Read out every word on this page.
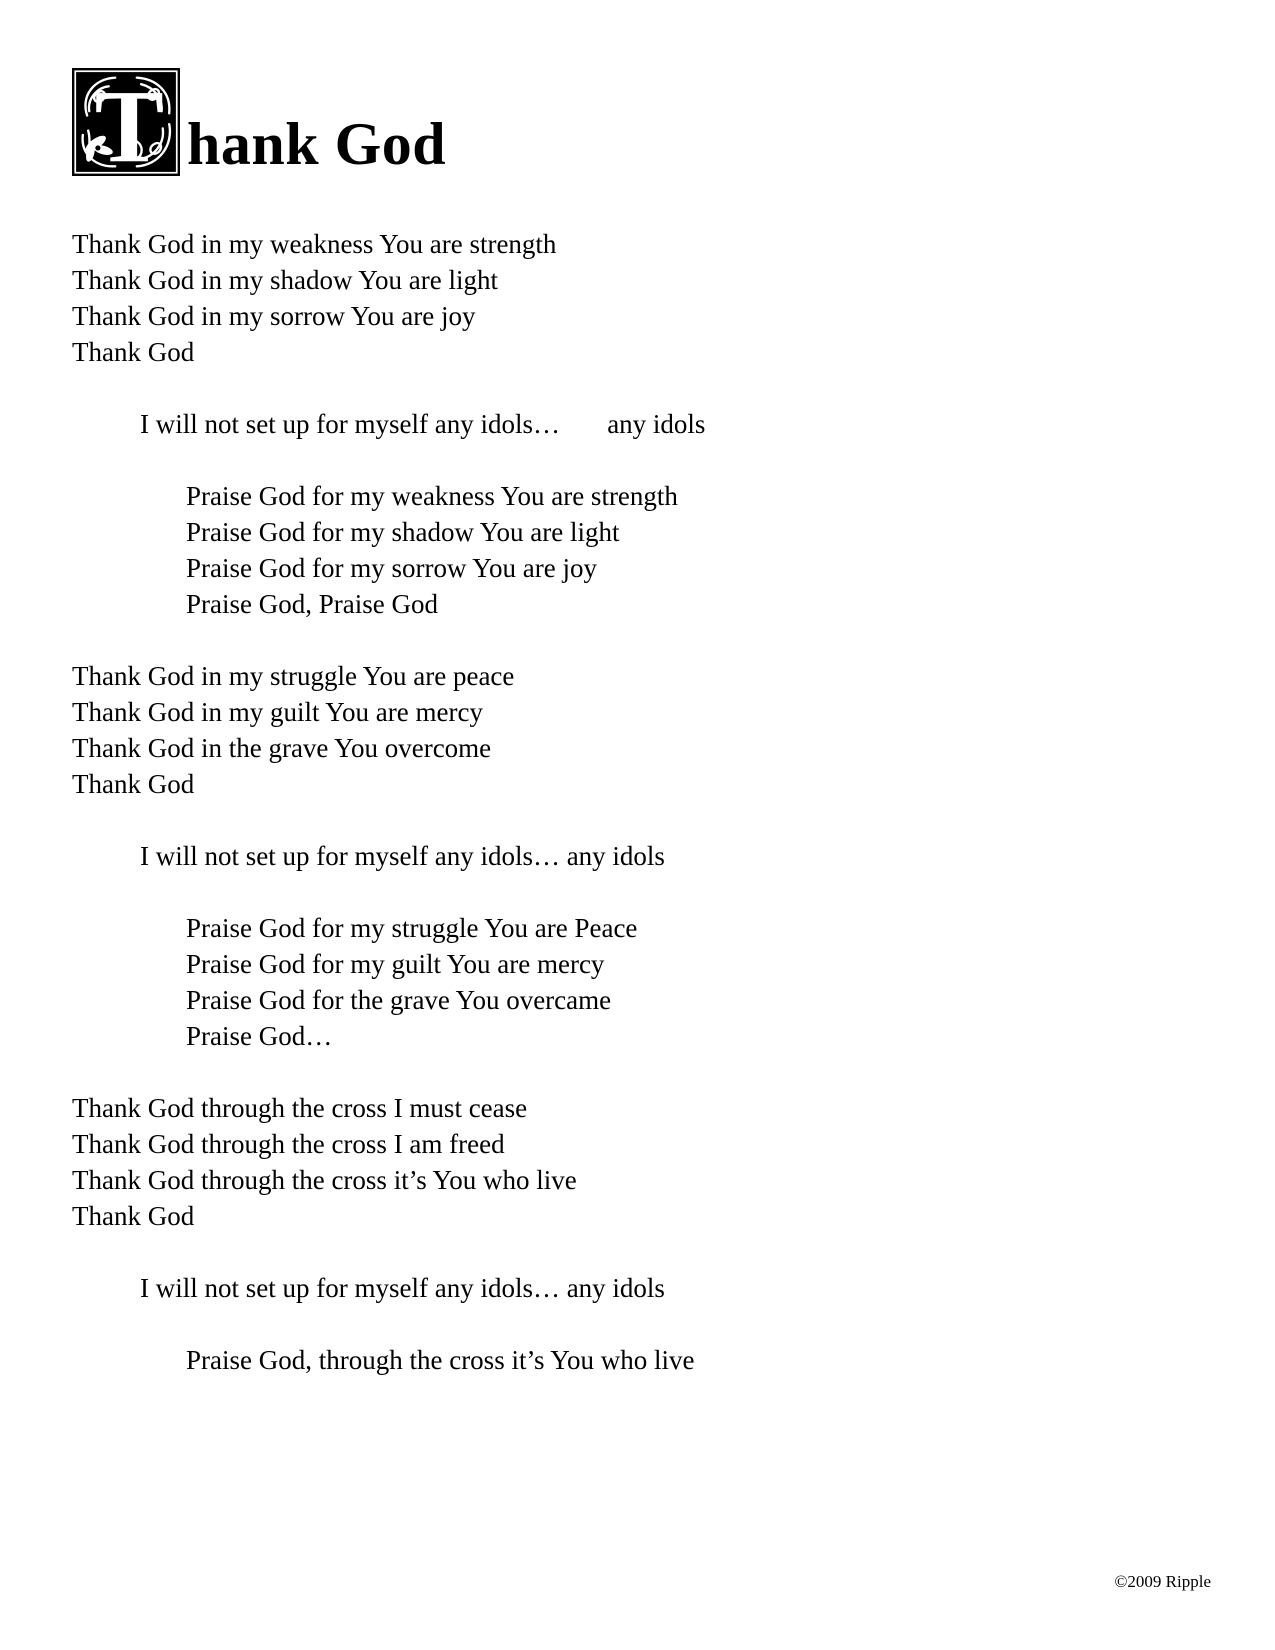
T hank God

Thank God in my weakness You are strength

Thank God in my shadow You are light

Thank God in my sorrow You are joy

Thank God

I will not set up for myself any idols…       any idols

Praise God for my weakness You are strength

Praise God for my shadow You are light

Praise God for my sorrow You are joy

Praise God, Praise God

Thank God in my struggle You are peace

Thank God in my guilt You are mercy

Thank God in the grave You overcome

Thank God

I will not set up for myself any idols… any idols

Praise God for my struggle You are Peace

Praise God for my guilt You are mercy

Praise God for the grave You overcame

Praise God…

Thank God through the cross I must cease

Thank God through the cross I am freed

Thank God through the cross it’s You who live

Thank God

I will not set up for myself any idols… any idols

Praise God, through the cross it’s You who live

©2009 Ripple
